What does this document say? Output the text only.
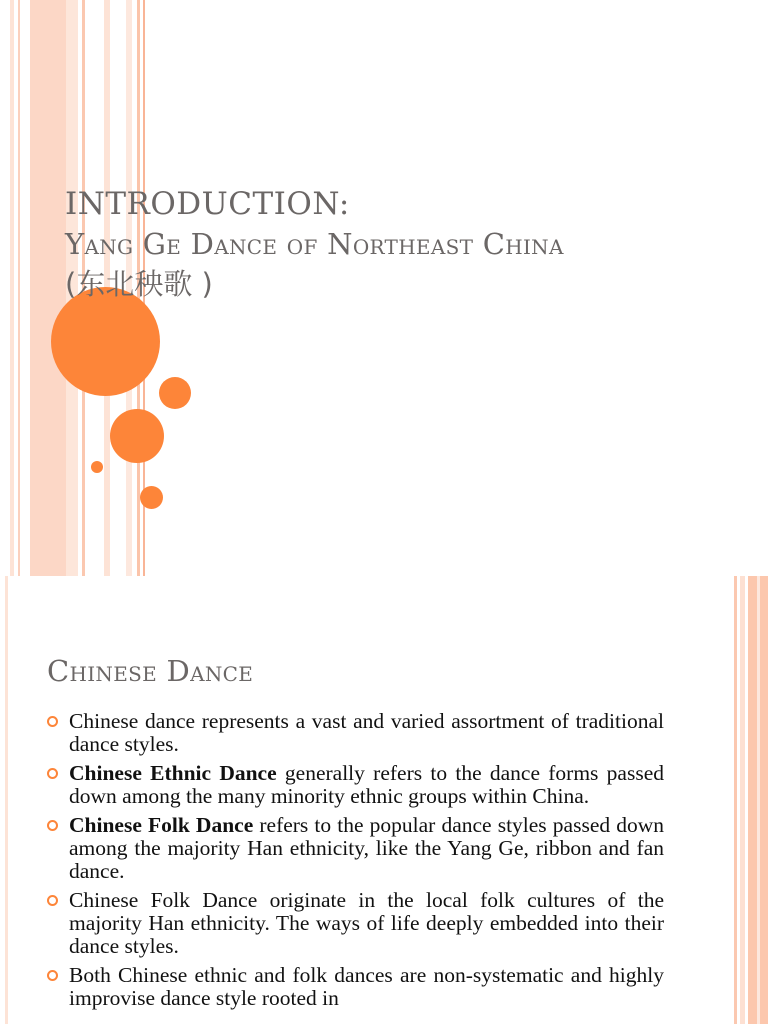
INTRODUCTION:
Yang Ge Dance of Northeast China
(东北秧歌 )
Chinese Dance
Chinese dance represents a vast and varied assortment of traditional dance styles.
Chinese Ethnic Dance generally refers to the dance forms passed down among the many minority ethnic groups within China.
Chinese Folk Dance refers to the popular dance styles passed down among the majority Han ethnicity, like the Yang Ge, ribbon and fan dance.
Chinese Folk Dance originate in the local folk cultures of the majority Han ethnicity. The ways of life deeply embedded into their dance styles.
Both Chinese ethnic and folk dances are non-systematic and highly improvise dance style rooted in
